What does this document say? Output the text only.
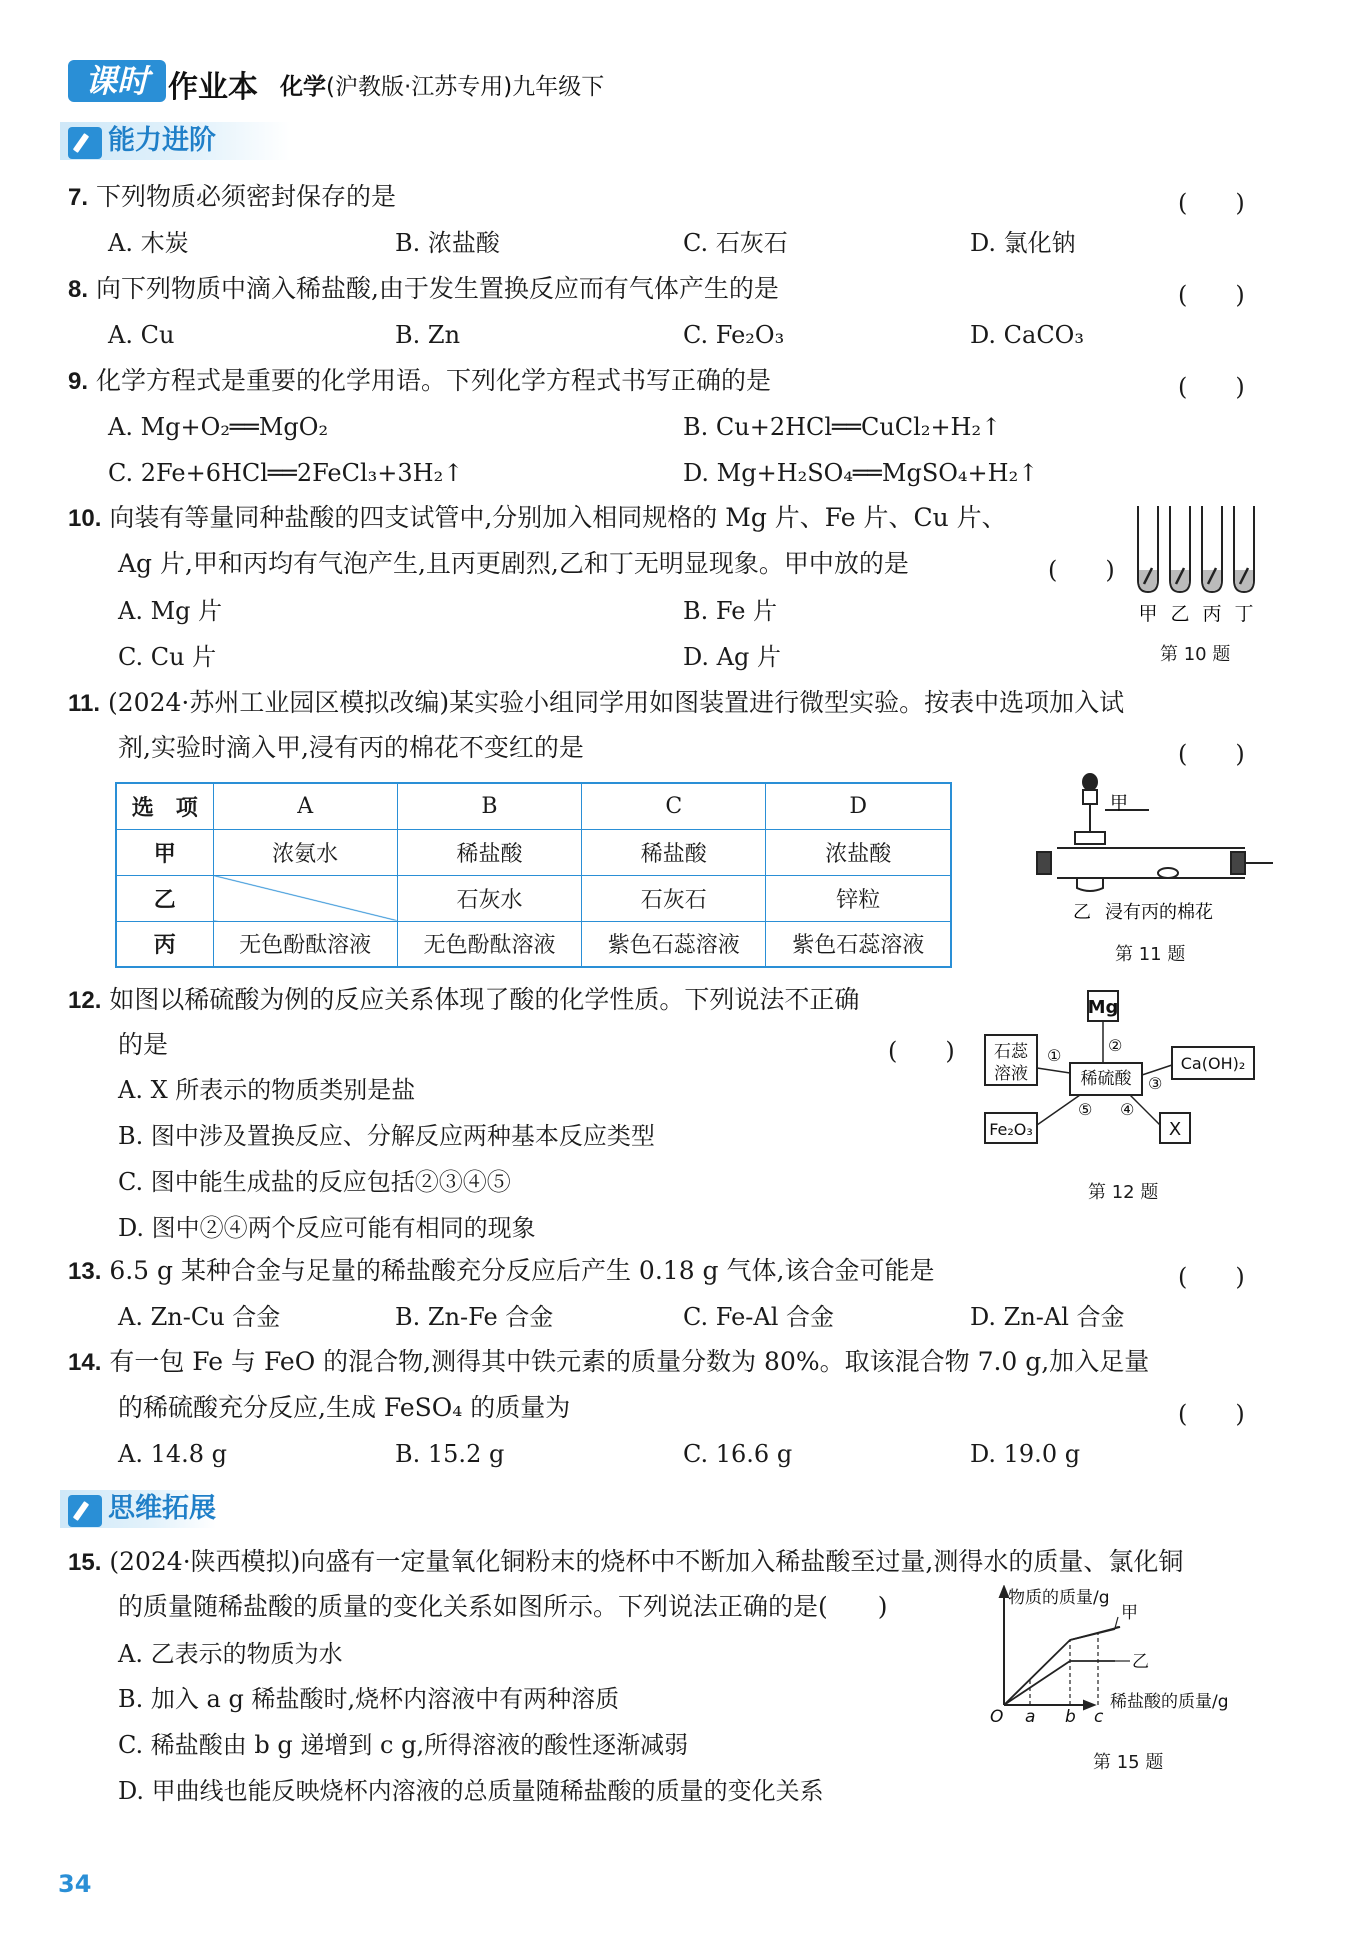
课时 作业本 化学(沪教版·江苏专用)九年级下
能力进阶
7. 下列物质必须密封保存的是	(　　)
A. 木炭	B. 浓盐酸	C. 石灰石	D. 氯化钠
8. 向下列物质中滴入稀盐酸,由于发生置换反应而有气体产生的是	(　　)
A. Cu	B. Zn	C. Fe₂O₃	D. CaCO₃
9. 化学方程式是重要的化学用语。下列化学方程式书写正确的是	(　　)
A. Mg+O₂══MgO₂	B. Cu+2HCl══CuCl₂+H₂↑
C. 2Fe+6HCl══2FeCl₃+3H₂↑	D. Mg+H₂SO₄══MgSO₄+H₂↑
10. 向装有等量同种盐酸的四支试管中,分别加入相同规格的 Mg 片、Fe 片、Cu 片、
Ag 片,甲和丙均有气泡产生,且丙更剧烈,乙和丁无明显现象。甲中放的是	(　　)
A. Mg 片	B. Fe 片
C. Cu 片	D. Ag 片
甲 乙 丙 丁
第 10 题
11. (2024·苏州工业园区模拟改编)某实验小组同学用如图装置进行微型实验。按表中选项加入试
剂,实验时滴入甲,浸有丙的棉花不变红的是	(　　)
选　项	A	B	C	D
甲	浓氨水	稀盐酸	稀盐酸	浓盐酸
乙		石灰水	石灰石	锌粒
丙	无色酚酞溶液	无色酚酞溶液	紫色石蕊溶液	紫色石蕊溶液
甲
乙 浸有丙的棉花
第 11 题
12. 如图以稀硫酸为例的反应关系体现了酸的化学性质。下列说法不正确
的是	(　　)
A. X 所表示的物质类别是盐
B. 图中涉及置换反应、分解反应两种基本反应类型
C. 图中能生成盐的反应包括②③④⑤
D. 图中②④两个反应可能有相同的现象
稀硫酸
Mg
石蕊
溶液
Ca(OH)₂
Fe₂O₃	X
①
②
③
④
⑤
第 12 题
13. 6.5 g 某种合金与足量的稀盐酸充分反应后产生 0.18 g 气体,该合金可能是	(　　)
A. Zn-Cu 合金	B. Zn-Fe 合金	C. Fe-Al 合金	D. Zn-Al 合金
14. 有一包 Fe 与 FeO 的混合物,测得其中铁元素的质量分数为 80%。取该混合物 7.0 g,加入足量
的稀硫酸充分反应,生成 FeSO₄ 的质量为	(　　)
A. 14.8 g	B. 15.2 g	C. 16.6 g	D. 19.0 g
思维拓展
15. (2024·陕西模拟)向盛有一定量氧化铜粉末的烧杯中不断加入稀盐酸至过量,测得水的质量、氯化铜
的质量随稀盐酸的质量的变化关系如图所示。下列说法正确的是(　　)
A. 乙表示的物质为水
B. 加入 a g 稀盐酸时,烧杯内溶液中有两种溶质
C. 稀盐酸由 b g 递增到 c g,所得溶液的酸性逐渐减弱
D. 甲曲线也能反映烧杯内溶液的总质量随稀盐酸的质量的变化关系
物质的质量/g
稀盐酸的质量/g
O a b c
甲
乙
第 15 题
34
